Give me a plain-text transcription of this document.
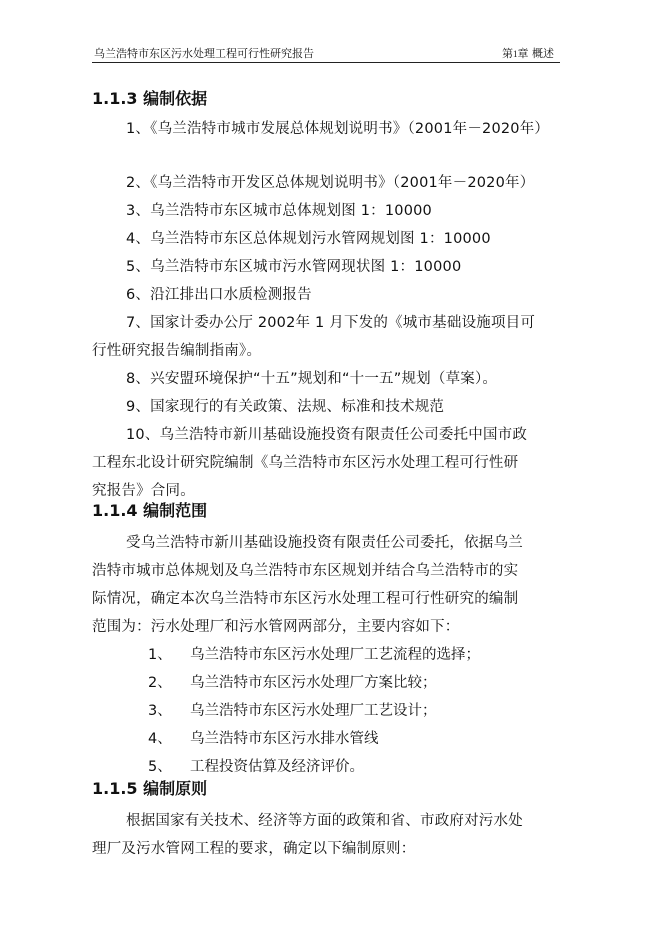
乌兰浩特市东区污水处理工程可行性研究报告	第1章 概述
1.1.3 编制依据
1、《乌兰浩特市城市发展总体规划说明书》（2001年－2020年）
2、《乌兰浩特市开发区总体规划说明书》（2001年－2020年）
3、乌兰浩特市东区城市总体规划图 1：10000
4、乌兰浩特市东区总体规划污水管网规划图 1：10000
5、乌兰浩特市东区城市污水管网现状图 1：10000
6、沿江排出口水质检测报告
7、国家计委办公厅 2002年 1 月下发的《城市基础设施项目可
行性研究报告编制指南》。
8、兴安盟环境保护“十五”规划和“十一五”规划（草案）。
9、国家现行的有关政策、法规、标准和技术规范
10、乌兰浩特市新川基础设施投资有限责任公司委托中国市政
工程东北设计研究院编制《乌兰浩特市东区污水处理工程可行性研
究报告》合同。
1.1.4 编制范围
受乌兰浩特市新川基础设施投资有限责任公司委托，依据乌兰
浩特市城市总体规划及乌兰浩特市东区规划并结合乌兰浩特市的实
际情况，确定本次乌兰浩特市东区污水处理工程可行性研究的编制
范围为：污水处理厂和污水管网两部分，主要内容如下：
1、 乌兰浩特市东区污水处理厂工艺流程的选择；
2、 乌兰浩特市东区污水处理厂方案比较；
3、 乌兰浩特市东区污水处理厂工艺设计；
4、 乌兰浩特市东区污水排水管线
5、 工程投资估算及经济评价。
1.1.5 编制原则
根据国家有关技术、经济等方面的政策和省、市政府对污水处
理厂及污水管网工程的要求，确定以下编制原则：
